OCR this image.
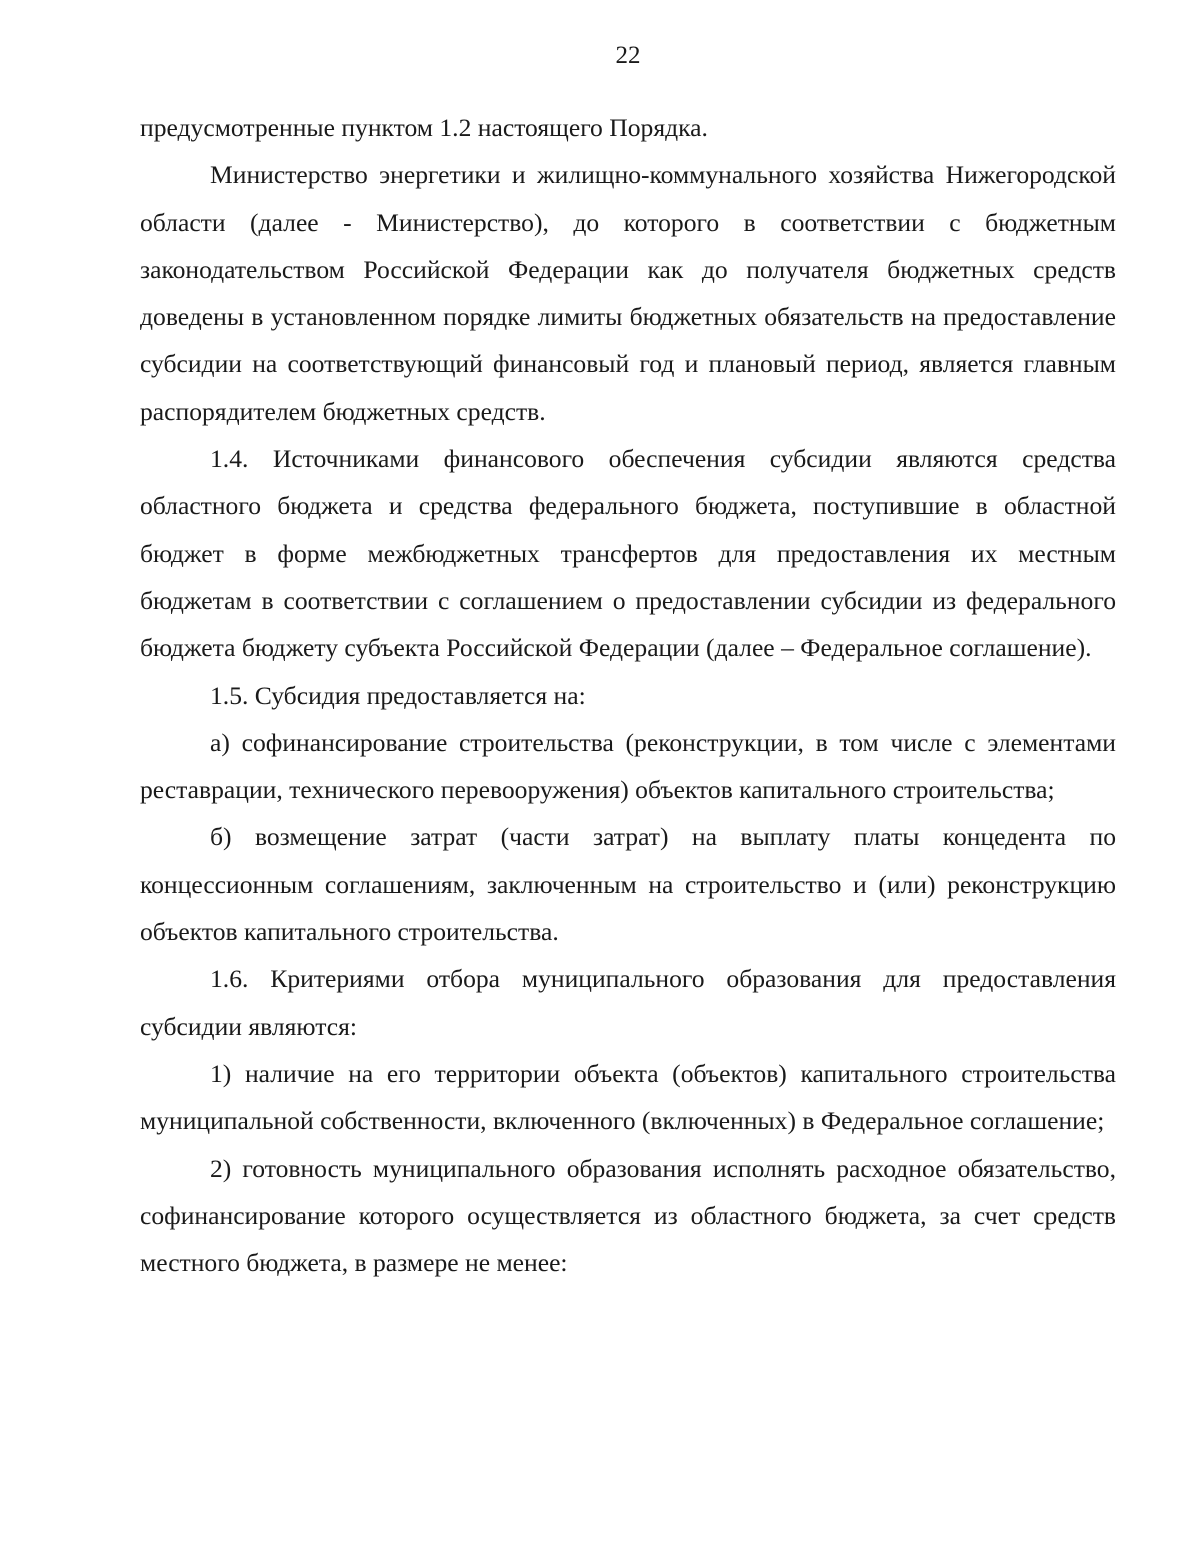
22

предусмотренные пунктом 1.2 настоящего Порядка.

Министерство энергетики и жилищно-коммунального хозяйства Нижегородской области (далее - Министерство), до которого в соответствии с бюджетным законодательством Российской Федерации как до получателя бюджетных средств доведены в установленном порядке лимиты бюджетных обязательств на предоставление субсидии на соответствующий финансовый год и плановый период, является главным распорядителем бюджетных средств.

1.4. Источниками финансового обеспечения субсидии являются средства областного бюджета и средства федерального бюджета, поступившие в областной бюджет в форме межбюджетных трансфертов для предоставления их местным бюджетам в соответствии с соглашением о предоставлении субсидии из федерального бюджета бюджету субъекта Российской Федерации (далее – Федеральное соглашение).

1.5. Субсидия предоставляется на:

а) софинансирование строительства (реконструкции, в том числе с элементами реставрации, технического перевооружения) объектов капитального строительства;

б) возмещение затрат (части затрат) на выплату платы концедента по концессионным соглашениям, заключенным на строительство и (или) реконструкцию объектов капитального строительства.

1.6. Критериями отбора муниципального образования для предоставления субсидии являются:

1) наличие на его территории объекта (объектов) капитального строительства муниципальной собственности, включенного (включенных) в Федеральное соглашение;

2) готовность муниципального образования исполнять расходное обязательство, софинансирование которого осуществляется из областного бюджета, за счет средств местного бюджета, в размере не менее:
